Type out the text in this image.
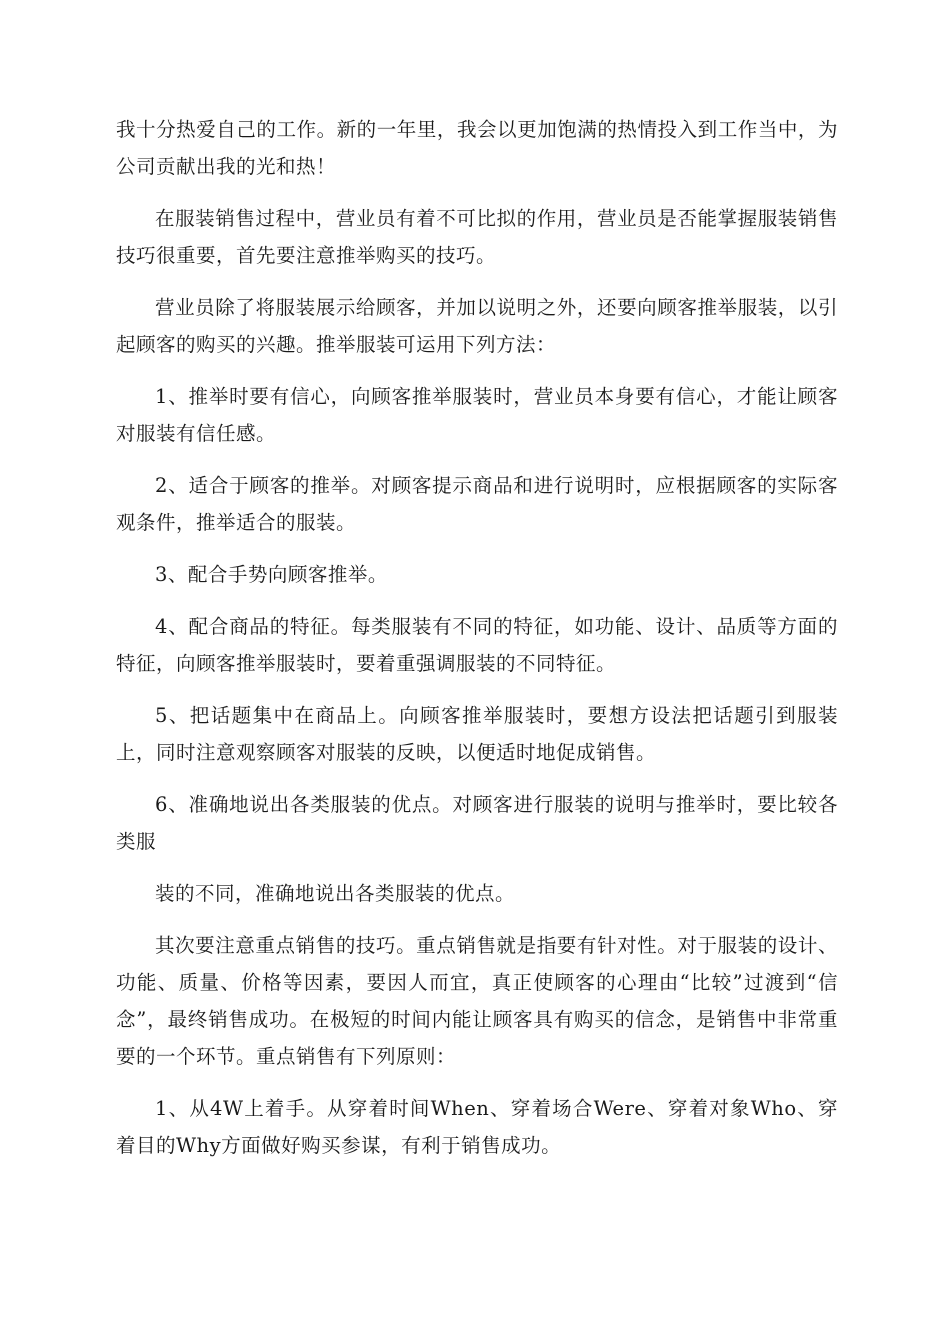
我十分热爱自己的工作。新的一年里，我会以更加饱满的热情投入到工作当中，为公司贡献出我的光和热！

在服装销售过程中，营业员有着不可比拟的作用，营业员是否能掌握服装销售技巧很重要，首先要注意推举购买的技巧。

营业员除了将服装展示给顾客，并加以说明之外，还要向顾客推举服装，以引起顾客的购买的兴趣。推举服装可运用下列方法：

1、推举时要有信心，向顾客推举服装时，营业员本身要有信心，才能让顾客对服装有信任感。

2、适合于顾客的推举。对顾客提示商品和进行说明时，应根据顾客的实际客观条件，推举适合的服装。

3、配合手势向顾客推举。

4、配合商品的特征。每类服装有不同的特征，如功能、设计、品质等方面的特征，向顾客推举服装时，要着重强调服装的不同特征。

5、把话题集中在商品上。向顾客推举服装时，要想方设法把话题引到服装上，同时注意观察顾客对服装的反映，以便适时地促成销售。

6、准确地说出各类服装的优点。对顾客进行服装的说明与推举时，要比较各类服

装的不同，准确地说出各类服装的优点。

其次要注意重点销售的技巧。重点销售就是指要有针对性。对于服装的设计、功能、质量、价格等因素，要因人而宜，真正使顾客的心理由“比较”过渡到“信念”，最终销售成功。在极短的时间内能让顾客具有购买的信念，是销售中非常重要的一个环节。重点销售有下列原则：

1、从4W上着手。从穿着时间When、穿着场合Were、穿着对象Who、穿着目的Why方面做好购买参谋，有利于销售成功。
